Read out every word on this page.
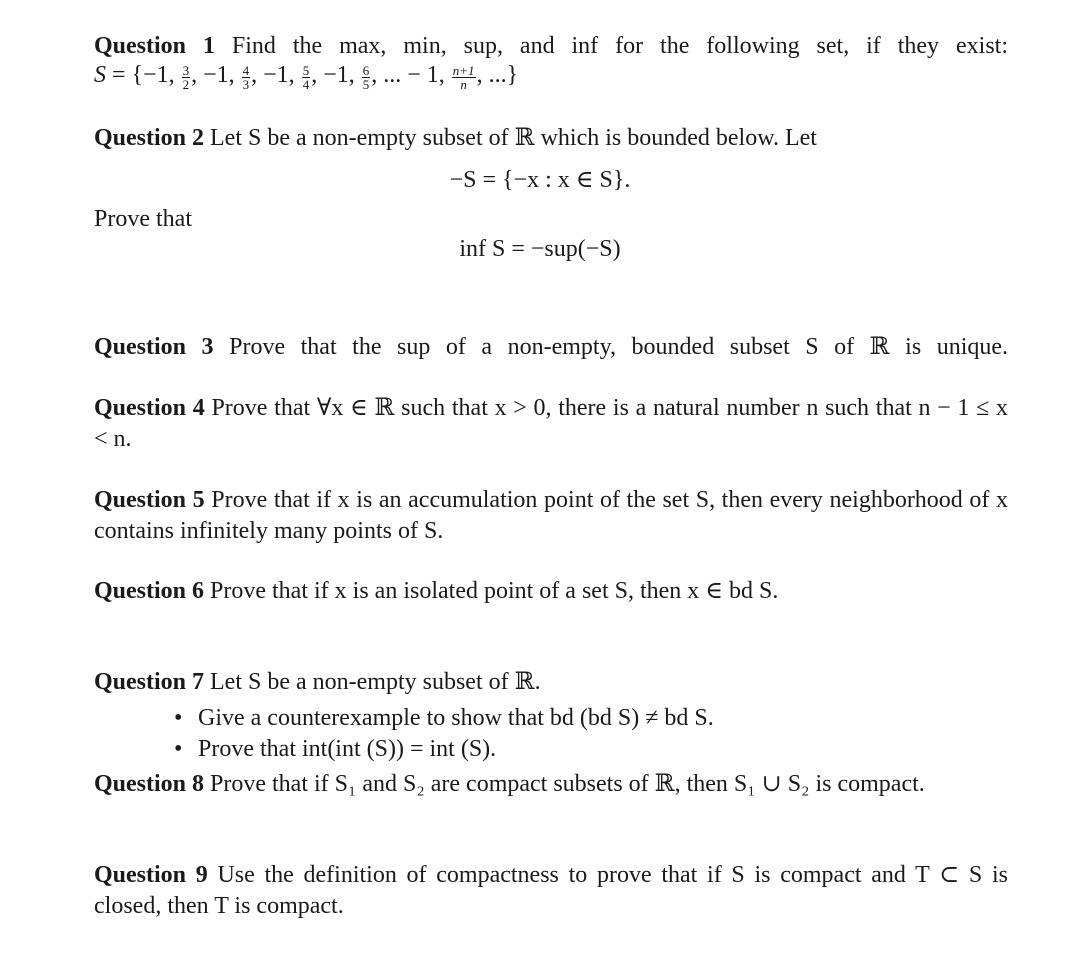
Question 1 Find the max, min, sup, and inf for the following set, if they exist:
S = {−1, $\frac{3}{2}$ , −1, $\frac{4}{3}$ , −1, $\frac{5}{4}$ , −1, $\frac{6}{5}$ , ... − 1, $\frac{n+1}{n}$ , ...}
Question 2 Let S be a non-empty subset of ℝ which is bounded below. Let
−S = {−x : x ∈ S}.
Prove that
inf S = −sup(−S)
Question 3 Prove that the sup of a non-empty, bounded subset S of ℝ is unique.
Question 4 Prove that ∀x ∈ ℝ such that x > 0, there is a natural number n such that n − 1 ≤ x < n.
Question 5 Prove that if x is an accumulation point of the set S, then every neighborhood of x contains infinitely many points of S.
Question 6 Prove that if x is an isolated point of a set S, then x ∈ bd S.
Question 7 Let S be a non-empty subset of ℝ.
• Give a counterexample to show that bd (bd S) ≠ bd S.
• Prove that int(int (S)) = int (S).
Question 8 Prove that if S₁ and S₂ are compact subsets of ℝ, then S₁ ∪ S₂ is compact.
Question 9 Use the definition of compactness to prove that if S is compact and T ⊂ S is closed, then T is compact.
